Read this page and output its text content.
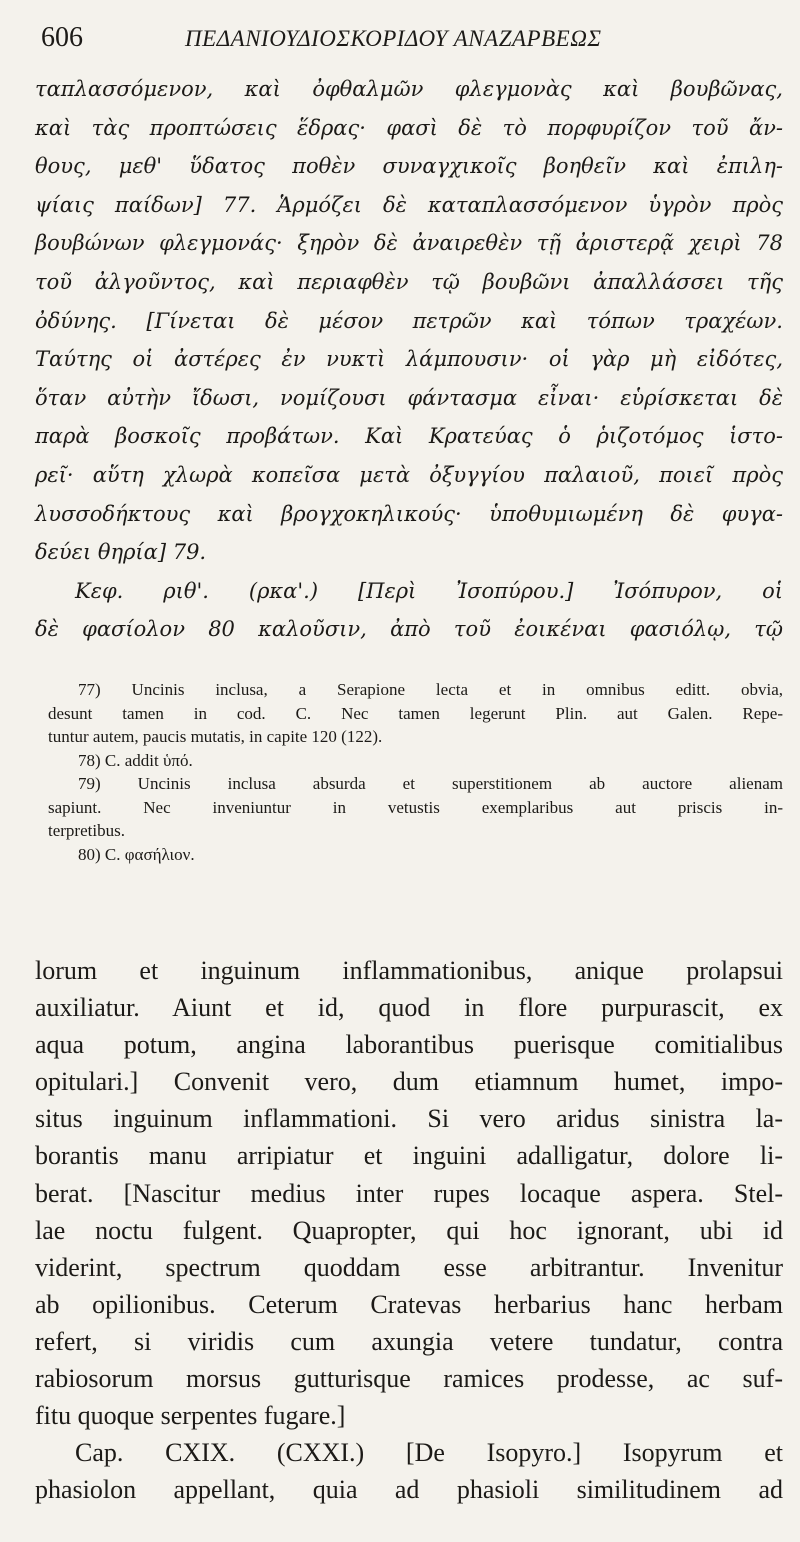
606	ΠΕΔΑΝΙΟΥΔΙΟΣΚΟΡΙΔΟΥ ΑΝΑΖΑΡΒΕΩΣ
ταπλασσόμενον, καὶ ὀφθαλμῶν φλεγμονὰς καὶ βουβῶνας,
καὶ τὰς προπτώσεις ἕδρας· φασὶ δὲ τὸ πορφυρίζον τοῦ ἄν-
θους, μεθ' ὕδατος ποθὲν συναγχικοῖς βοηθεῖν καὶ ἐπιλη-
ψίαις παίδων] 77. Ἁρμόζει δὲ καταπλασσόμενον ὑγρὸν πρὸς
βουβώνων φλεγμονάς· ξηρὸν δὲ ἀναιρεθὲν τῇ ἀριστερᾷ χειρὶ 78
τοῦ ἀλγοῦντος, καὶ περιαφθὲν τῷ βουβῶνι ἀπαλλάσσει τῆς
ὀδύνης. [Γίνεται δὲ μέσον πετρῶν καὶ τόπων τραχέων.
Ταύτης οἱ ἀστέρες ἐν νυκτὶ λάμπουσιν· οἱ γὰρ μὴ εἰδότες,
ὅταν αὐτὴν ἴδωσι, νομίζουσι φάντασμα εἶναι· εὑρίσκεται δὲ
παρὰ βοσκοῖς προβάτων. Καὶ Κρατεύας ὁ ῥιζοτόμος ἱστο-
ρεῖ· αὕτη χλωρὰ κοπεῖσα μετὰ ὀξυγγίου παλαιοῦ, ποιεῖ πρὸς
λυσσοδήκτους καὶ βρογχοκηλικούς· ὑποθυμιωμένη δὲ φυγα-
δεύει θηρία] 79.
Κεφ. ριθ'. (ρκα'.) [Περὶ Ἰσοπύρου.] Ἰσόπυρον, οἱ
δὲ φασίολον 80 καλοῦσιν, ἀπὸ τοῦ ἐοικέναι φασιόλῳ, τῷ
77) Uncinis inclusa, a Serapione lecta et in omnibus editt. obvia,
desunt tamen in cod. C. Nec tamen legerunt Plin. aut Galen. Repe-
tuntur autem, paucis mutatis, in capite 120 (122).
78) C. addit ὑπό.
79) Uncinis inclusa absurda et superstitionem ab auctore alienam
sapiunt. Nec inveniuntur in vetustis exemplaribus aut priscis in-
terpretibus.
80) C. φασήλιον.
lorum et inguinum inflammationibus, anique prolapsui
auxiliatur. Aiunt et id, quod in flore purpurascit, ex
aqua potum, angina laborantibus puerisque comitialibus
opitulari.] Convenit vero, dum etiamnum humet, impo-
situs inguinum inflammationi. Si vero aridus sinistra la-
borantis manu arripiatur et inguini adalligatur, dolore li-
berat. [Nascitur medius inter rupes locaque aspera. Stel-
lae noctu fulgent. Quapropter, qui hoc ignorant, ubi id
viderint, spectrum quoddam esse arbitrantur. Invenitur
ab opilionibus. Ceterum Cratevas herbarius hanc herbam
refert, si viridis cum axungia vetere tundatur, contra
rabiosorum morsus gutturisque ramices prodesse, ac suf-
fitu quoque serpentes fugare.]
Cap. CXIX. (CXXI.) [De Isopyro.] Isopyrum et
phasiolon appellant, quia ad phasioli similitudinem ad
